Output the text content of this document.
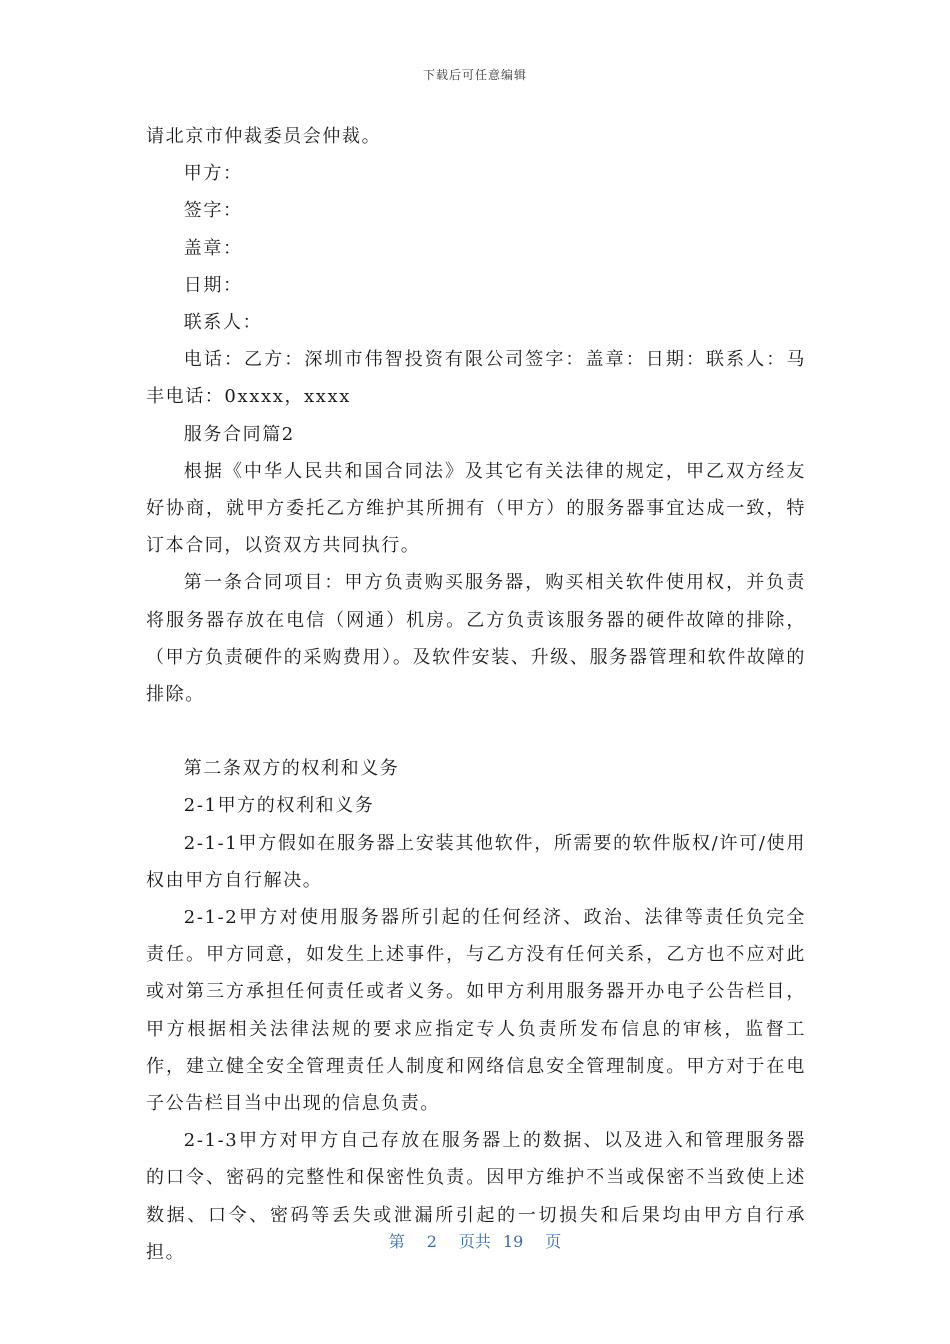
下载后可任意编辑

请北京市仲裁委员会仲裁。

甲方：

签字：

盖章：

日期：

联系人：

电话：乙方：深圳市伟智投资有限公司签字：盖章：日期：联系人：马丰电话：0xxxx，xxxx

服务合同篇2

根据《中华人民共和国合同法》及其它有关法律的规定，甲乙双方经友好协商，就甲方委托乙方维护其所拥有（甲方）的服务器事宜达成一致，特订本合同，以资双方共同执行。

第一条合同项目：甲方负责购买服务器，购买相关软件使用权，并负责将服务器存放在电信（网通）机房。乙方负责该服务器的硬件故障的排除，（甲方负责硬件的采购费用）。及软件安装、升级、服务器管理和软件故障的排除。

第二条双方的权利和义务

2-1甲方的权利和义务

2-1-1甲方假如在服务器上安装其他软件，所需要的软件版权/许可/使用权由甲方自行解决。

2-1-2甲方对使用服务器所引起的任何经济、政治、法律等责任负完全责任。甲方同意，如发生上述事件，与乙方没有任何关系，乙方也不应对此或对第三方承担任何责任或者义务。如甲方利用服务器开办电子公告栏目，甲方根据相关法律法规的要求应指定专人负责所发布信息的审核，监督工作，建立健全安全管理责任人制度和网络信息安全管理制度。甲方对于在电子公告栏目当中出现的信息负责。

2-1-3甲方对甲方自己存放在服务器上的数据、以及进入和管理服务器的口令、密码的完整性和保密性负责。因甲方维护不当或保密不当致使上述数据、口令、密码等丢失或泄漏所引起的一切损失和后果均由甲方自行承担。

第 2 页共 19 页
